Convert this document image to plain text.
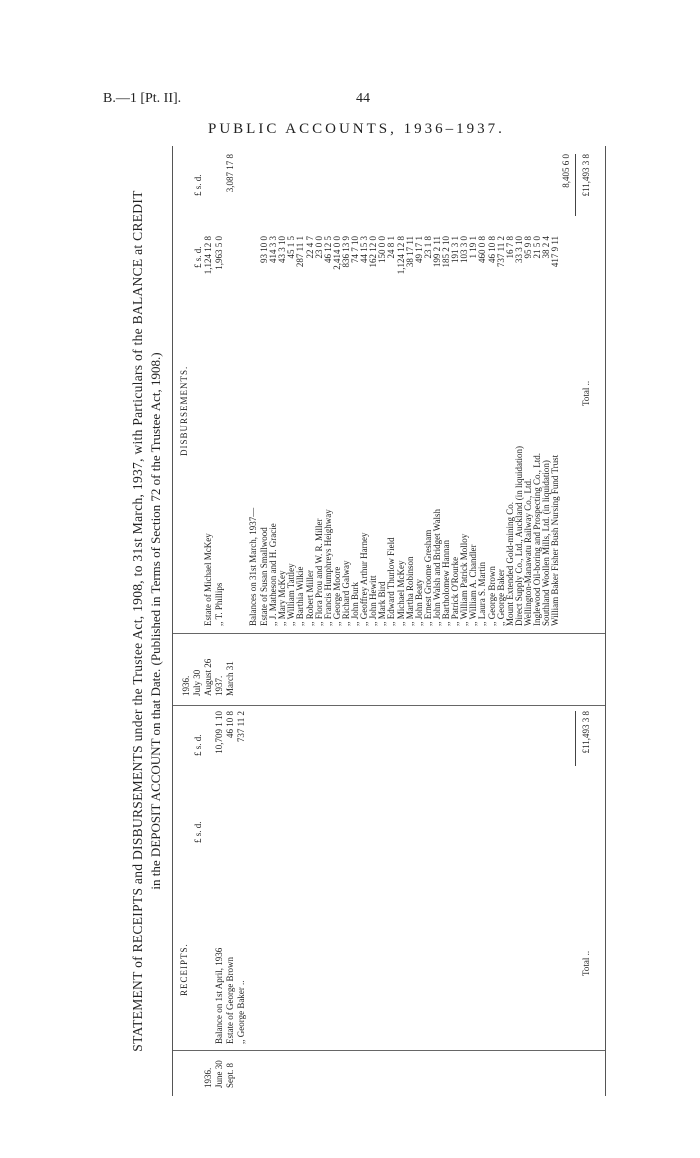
B.—1 [Pt. II].	44
PUBLIC ACCOUNTS, 1936–1937.
STATEMENT of RECEIPTS and DISBURSEMENTS under the Trustee Act, 1908, to 31st March, 1937, with Particulars of the BALANCE at CREDIT in the DEPOSIT ACCOUNT on that Date. (Published in Terms of Section 72 of the Trustee Act, 1908.)
RECEIPTS.
£ s. d.
£ s. d.
1936. June 30 Sept. 8
Balance on 1st April, 1936 Estate of George Brown ,, George Baker ..
10,709 1 10 46 10 8 737 11 2
Total ..
£11,493 3 8
DISBURSEMENTS.
£ s. d.
£ s. d.
1936. July 30 August 26 1937. March 31
Estate of Michael McKey
1,124 12 8
,, T. Phillips
1,963 5 0
3,087 17 8
Balances on 31st March, 1937— Estate of Susan Smallwood
93 10 0
,, J. Matheson and H. Gracie
414 3 3
,, Mary McKey
43 3 10
,, William Tattley
45 1 5
,, Barthia Wilkie
287 11 1
,, Robert Miller
22 4 7
,, Flora Prou and W. R. Miller
23 0 0
,, Francis Humphreys Heighway
46 12 5
,, George Moore
2,414 0 0
,, Richard Galway
836 13 9
,, John Burk
74 7 10
,, Geoffrey Arthur Harney
44 15 3
,, John Hewitt
162 12 0
,, Mark Bird
150 0 0
,, Edward Thurlow Field
24 8 1
,, Michael McKey
1,124 12 8
,, Martha Robinson
38 17 11
,, John Beaty
49 17 1
,, Ernest Groome Gresham
23 1 8
,, John Walsh and Bridget Walsh
199 2 11
,, Bartholomew Hannan
185 2 10
,, Patrick O'Rourke
191 3 1
,, William Patrick Molloy
103 3 0
,, William A. Chandler
1 19 1
,, Laura S. Martin
460 0 8
,, George Brown
46 10 8
,, George Baker
737 11 2
Mount Extended Gold-mining Co.
16 7 8
Direct Supply Co., Ltd., Auckland (in liquidation)
33 3 10
Wellington-Manawatu Railway Co., Ltd.
95 9 8
Inglewood Oil-boring and Prospecting Co., Ltd.
21 5 0
Southland Woollen Mills, Ltd. (in liquidation)
38 2 4
William Baker Fisher Bush Nursing Fund Trust
417 9 11
8,405 6 0
Total ..
£11,493 3 8
